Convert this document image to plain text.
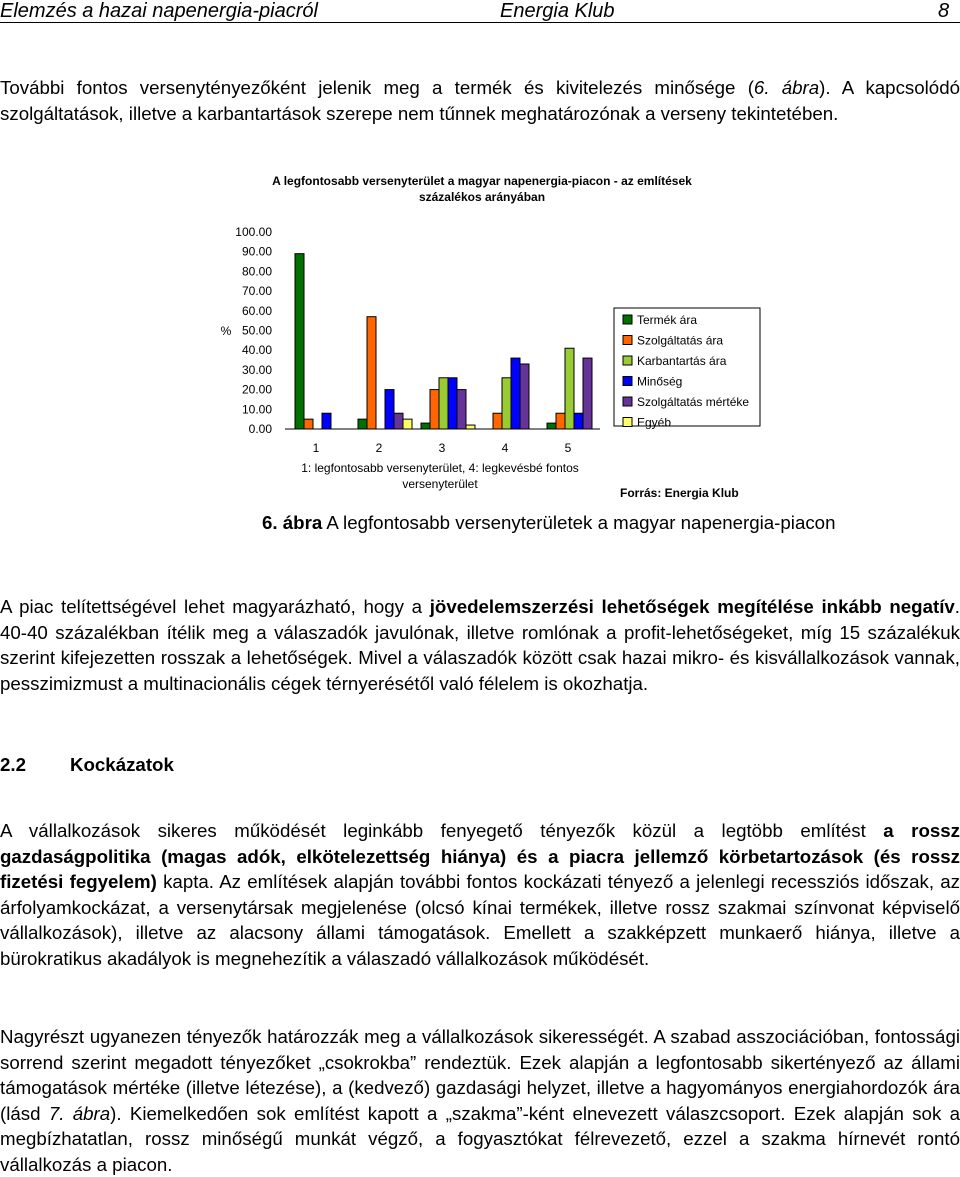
Elemzés a hazai napenergia-piacról	Energia Klub	8

További fontos versenytényezőként jelenik meg a termék és kivitelezés minősége (6. ábra). A kapcsolódó szolgáltatások, illetve a karbantartások szerepe nem tűnnek meghatározónak a verseny tekintetében.

A legfontosabb versenyterület a magyar napenergia-piacon - az említések
százalékos arányában
%
100.00
90.00
80.00
70.00
60.00
50.00
40.00
30.00
20.00
10.00
0.00
1	2	3	4	5
1: legfontosabb versenyterület, 4: legkevésbé fontos
versenyterület
Termék ára
Szolgáltatás ára
Karbantartás ára
Minőség
Szolgáltatás mértéke
Egyéb
Forrás: Energia Klub
6. ábra A legfontosabb versenyterületek a magyar napenergia-piacon

A piac telítettségével lehet magyarázható, hogy a jövedelemszerzési lehetőségek megítélése inkább negatív. 40-40 százalékban ítélik meg a válaszadók javulónak, illetve romlónak a profit-lehetőségeket, míg 15 százalékuk szerint kifejezetten rosszak a lehetőségek. Mivel a válaszadók között csak hazai mikro- és kisvállalkozások vannak, pesszimizmust a multinacionális cégek térnyerésétől való félelem is okozhatja.

2.2 Kockázatok

A vállalkozások sikeres működését leginkább fenyegető tényezők közül a legtöbb említést a rossz gazdaságpolitika (magas adók, elkötelezettség hiánya) és a piacra jellemző körbetartozások (és rossz fizetési fegyelem) kapta. Az említések alapján további fontos kockázati tényező a jelenlegi recessziós időszak, az árfolyamkockázat, a versenytársak megjelenése (olcsó kínai termékek, illetve rossz szakmai színvonat képviselő vállalkozások), illetve az alacsony állami támogatások. Emellett a szakképzett munkaerő hiánya, illetve a bürokratikus akadályok is megnehezítik a válaszadó vállalkozások működését.

Nagyrészt ugyanezen tényezők határozzák meg a vállalkozások sikerességét. A szabad asszociációban, fontossági sorrend szerint megadott tényezőket „csokrokba” rendeztük. Ezek alapján a legfontosabb sikertényező az állami támogatások mértéke (illetve létezése), a (kedvező) gazdasági helyzet, illetve a hagyományos energiahordozók ára (lásd 7. ábra). Kiemelkedően sok említést kapott a „szakma”-ként elnevezett válaszcsoport. Ezek alapján sok a megbízhatatlan, rossz minőségű munkát végző, a fogyasztókat félrevezető, ezzel a szakma hírnevét rontó vállalkozás a piacon.
